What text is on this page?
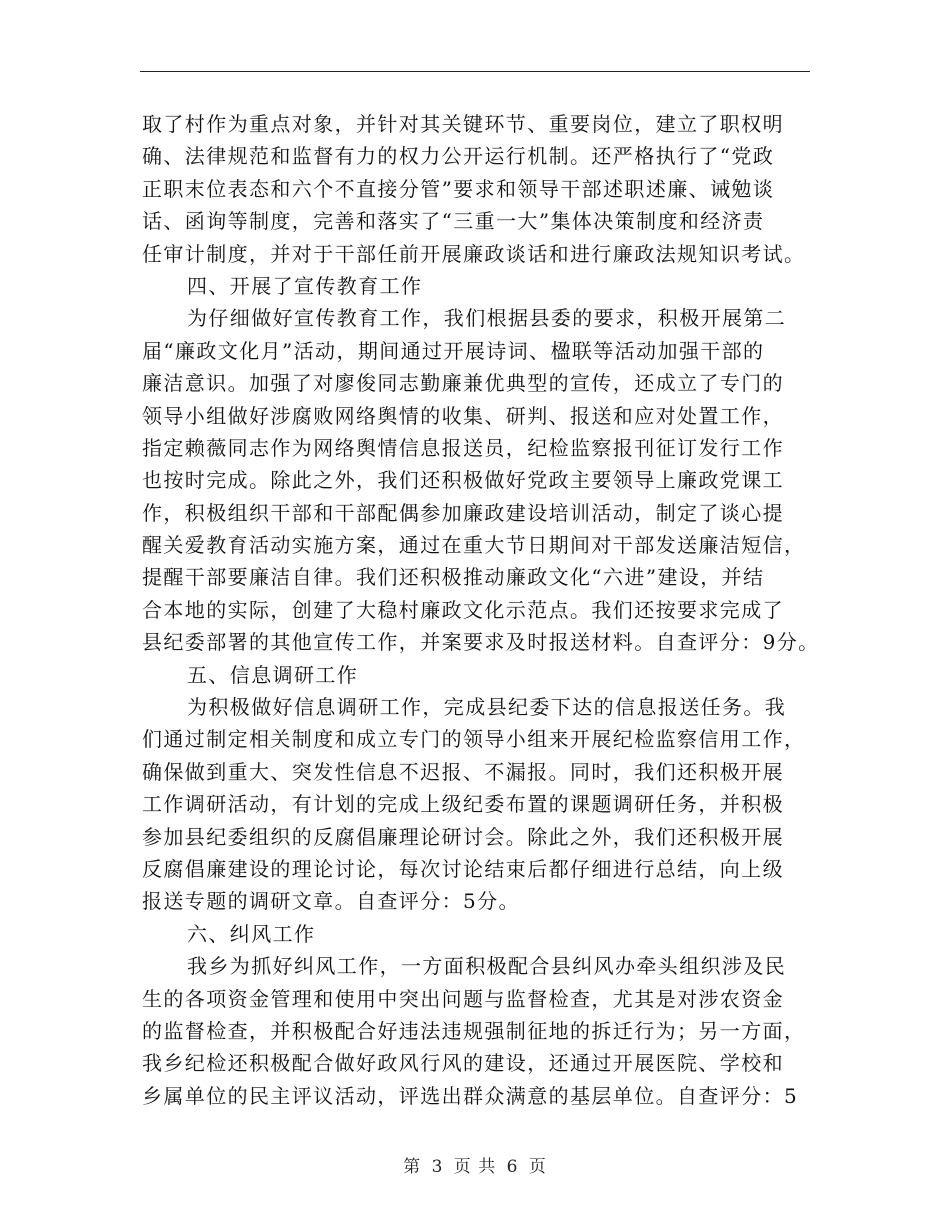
取了村作为重点对象，并针对其关键环节、重要岗位，建立了职权明
确、法律规范和监督有力的权力公开运行机制。还严格执行了“党政
正职末位表态和六个不直接分管”要求和领导干部述职述廉、诫勉谈
话、函询等制度，完善和落实了“三重一大”集体决策制度和经济责
任审计制度，并对于干部任前开展廉政谈话和进行廉政法规知识考试。
四、开展了宣传教育工作
为仔细做好宣传教育工作，我们根据县委的要求，积极开展第二
届“廉政文化月”活动，期间通过开展诗词、楹联等活动加强干部的
廉洁意识。加强了对廖俊同志勤廉兼优典型的宣传，还成立了专门的
领导小组做好涉腐败网络舆情的收集、研判、报送和应对处置工作，
指定赖薇同志作为网络舆情信息报送员，纪检监察报刊征订发行工作
也按时完成。除此之外，我们还积极做好党政主要领导上廉政党课工
作，积极组织干部和干部配偶参加廉政建设培训活动，制定了谈心提
醒关爱教育活动实施方案，通过在重大节日期间对干部发送廉洁短信，
提醒干部要廉洁自律。我们还积极推动廉政文化“六进”建设，并结
合本地的实际，创建了大稳村廉政文化示范点。我们还按要求完成了
县纪委部署的其他宣传工作，并案要求及时报送材料。自查评分：9分。
五、信息调研工作
为积极做好信息调研工作，完成县纪委下达的信息报送任务。我
们通过制定相关制度和成立专门的领导小组来开展纪检监察信用工作，
确保做到重大、突发性信息不迟报、不漏报。同时，我们还积极开展
工作调研活动，有计划的完成上级纪委布置的课题调研任务，并积极
参加县纪委组织的反腐倡廉理论研讨会。除此之外，我们还积极开展
反腐倡廉建设的理论讨论，每次讨论结束后都仔细进行总结，向上级
报送专题的调研文章。自查评分：5分。
六、纠风工作
我乡为抓好纠风工作，一方面积极配合县纠风办牵头组织涉及民
生的各项资金管理和使用中突出问题与监督检查，尤其是对涉农资金
的监督检查，并积极配合好违法违规强制征地的拆迁行为；另一方面，
我乡纪检还积极配合做好政风行风的建设，还通过开展医院、学校和
乡属单位的民主评议活动，评选出群众满意的基层单位。自查评分：5
第 3 页 共 6 页
